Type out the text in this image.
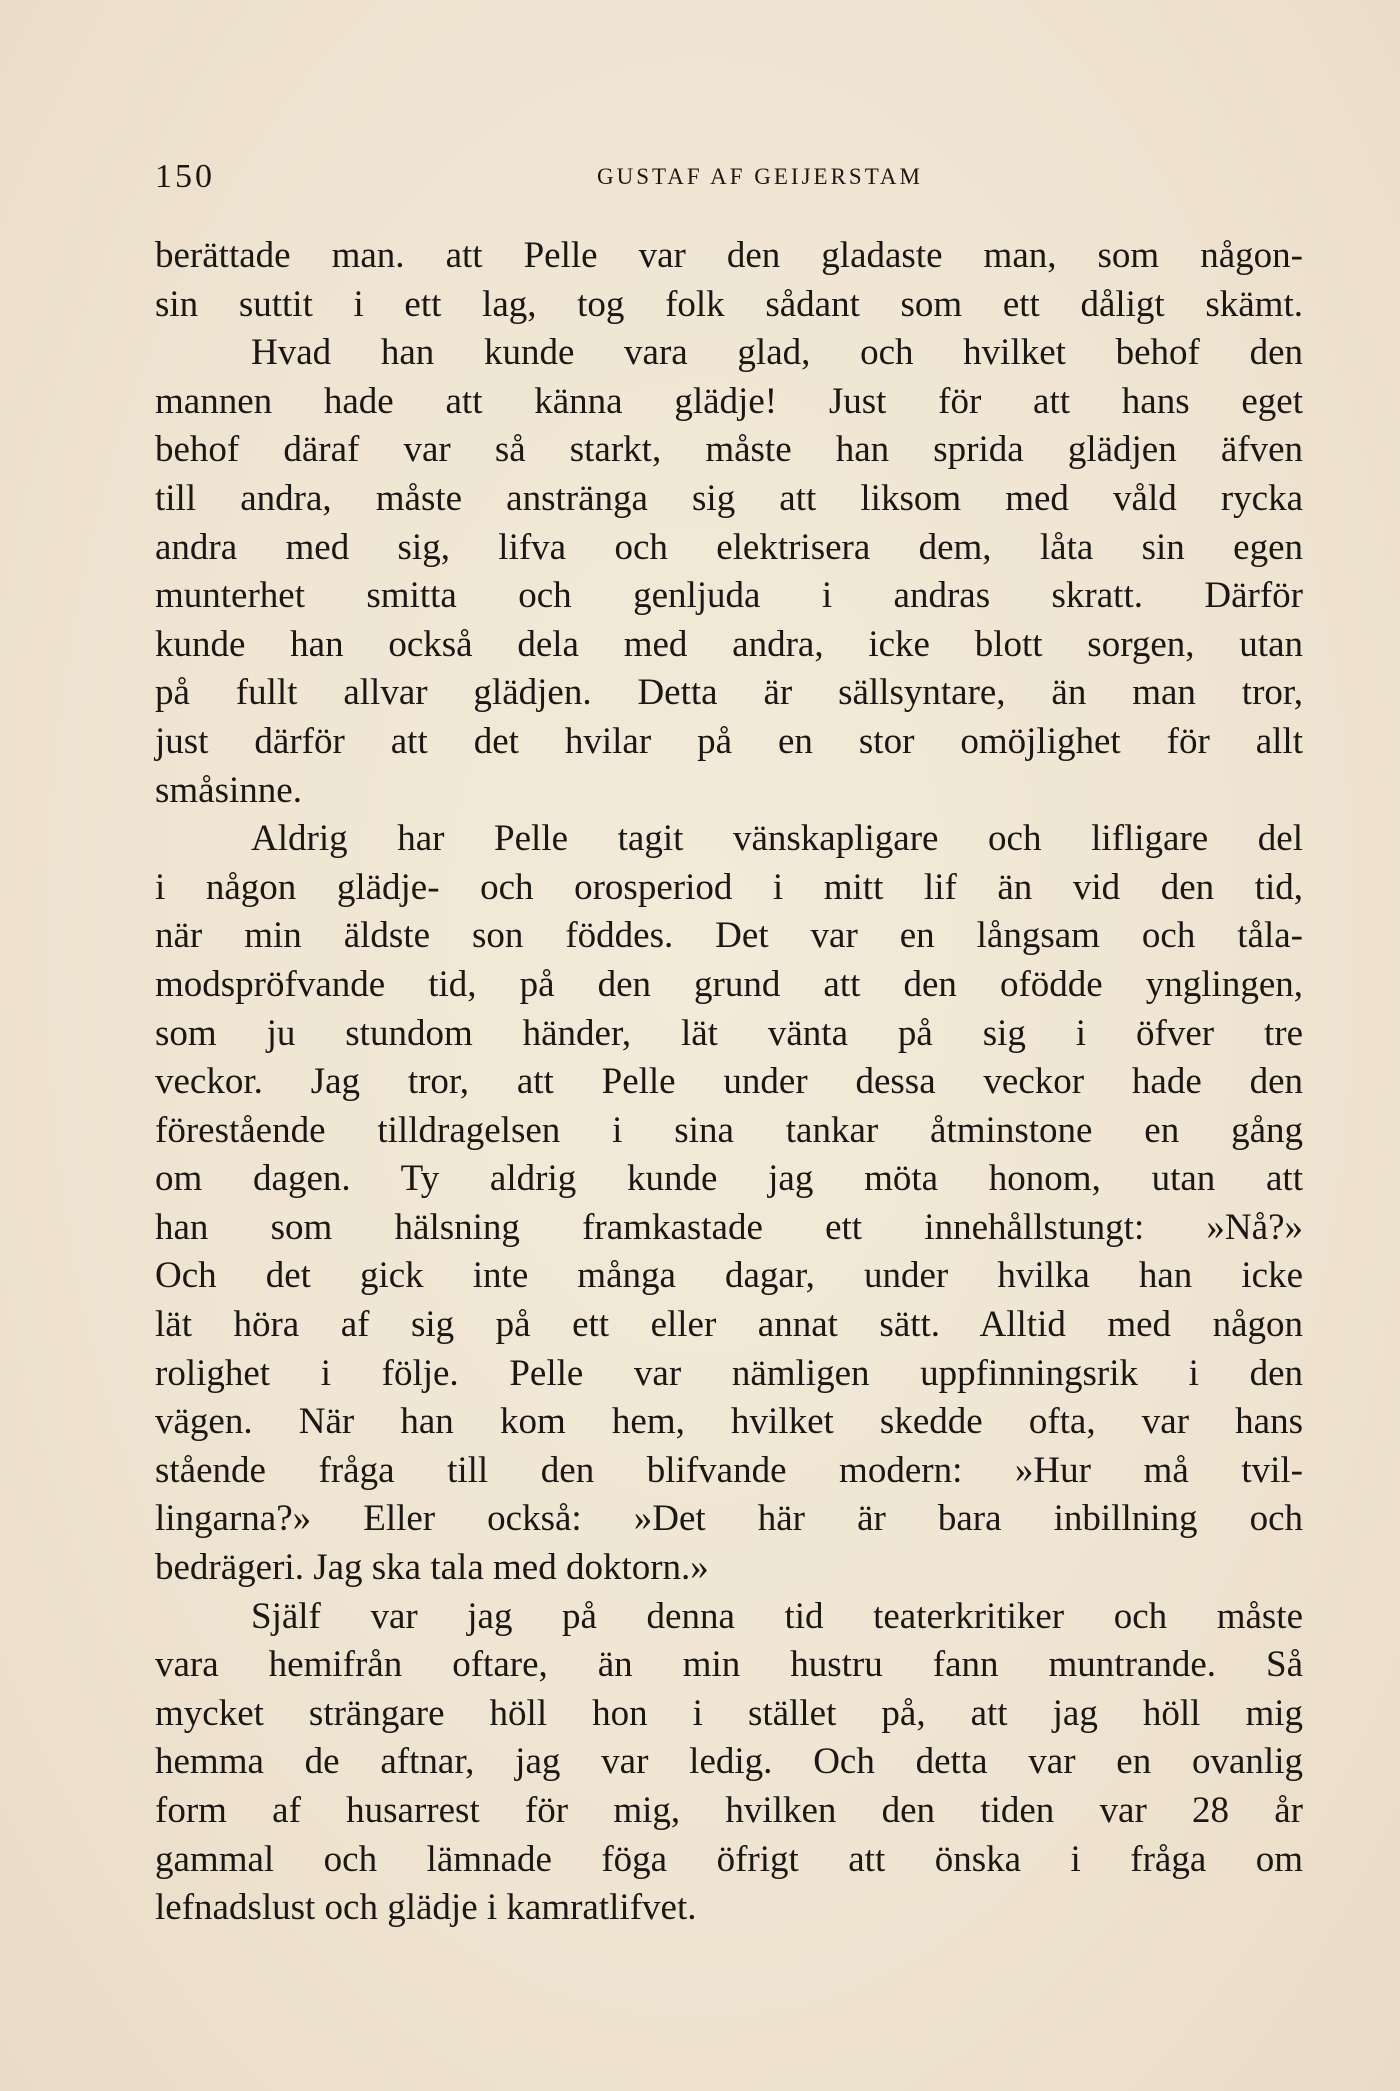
150	GUSTAF AF GEIJERSTAM
berättade man. att Pelle var den gladaste man, som någon-
sin suttit i ett lag, tog folk sådant som ett dåligt skämt.
Hvad han kunde vara glad, och hvilket behof den
mannen hade att känna glädje! Just för att hans eget
behof däraf var så starkt, måste han sprida glädjen äfven
till andra, måste anstränga sig att liksom med våld rycka
andra med sig, lifva och elektrisera dem, låta sin egen
munterhet smitta och genljuda i andras skratt. Därför
kunde han också dela med andra, icke blott sorgen, utan
på fullt allvar glädjen. Detta är sällsyntare, än man tror,
just därför att det hvilar på en stor omöjlighet för allt
småsinne.
Aldrig har Pelle tagit vänskapligare och lifligare del
i någon glädje- och orosperiod i mitt lif än vid den tid,
när min äldste son föddes. Det var en långsam och tåla-
modspröfvande tid, på den grund att den ofödde ynglingen,
som ju stundom händer, lät vänta på sig i öfver tre
veckor. Jag tror, att Pelle under dessa veckor hade den
förestående tilldragelsen i sina tankar åtminstone en gång
om dagen. Ty aldrig kunde jag möta honom, utan att
han som hälsning framkastade ett innehållstungt: »Nå?»
Och det gick inte många dagar, under hvilka han icke
lät höra af sig på ett eller annat sätt. Alltid med någon
rolighet i följe. Pelle var nämligen uppfinningsrik i den
vägen. När han kom hem, hvilket skedde ofta, var hans
stående fråga till den blifvande modern: »Hur må tvil-
lingarna?» Eller också: »Det här är bara inbillning och
bedrägeri. Jag ska tala med doktorn.»
Själf var jag på denna tid teaterkritiker och måste
vara hemifrån oftare, än min hustru fann muntrande. Så
mycket strängare höll hon i stället på, att jag höll mig
hemma de aftnar, jag var ledig. Och detta var en ovanlig
form af husarrest för mig, hvilken den tiden var 28 år
gammal och lämnade föga öfrigt att önska i fråga om
lefnadslust och glädje i kamratlifvet.
